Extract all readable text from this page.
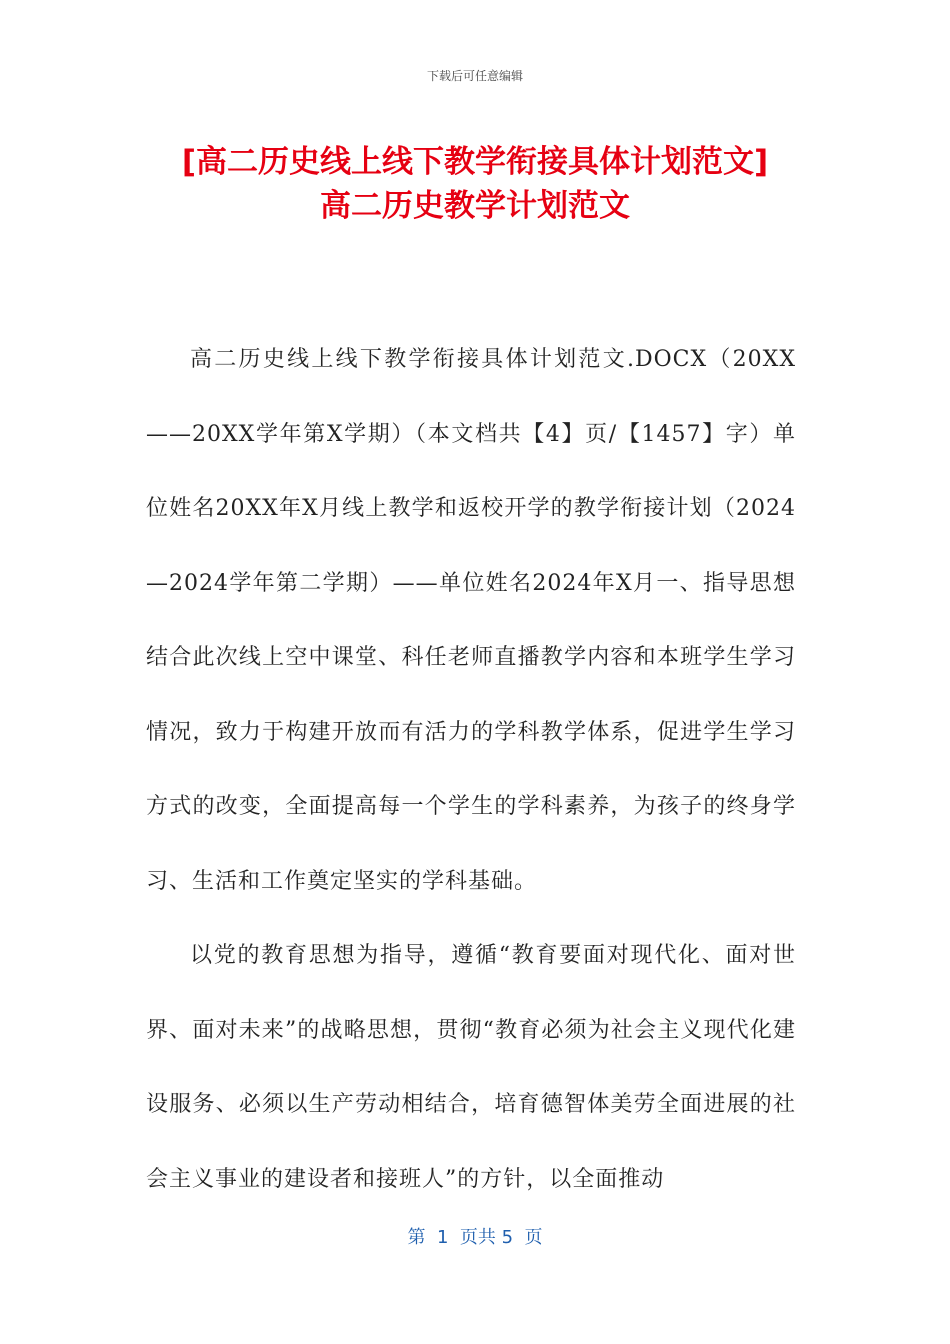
下载后可任意编辑
[高二历史线上线下教学衔接具体计划范文]
高二历史教学计划范文

高二历史线上线下教学衔接具体计划范文.DOCX（20XX——20XX学年第X学期）（本文档共【4】页/【1457】字）单位姓名20XX年X月线上教学和返校开学的教学衔接计划（2024—2024学年第二学期）——单位姓名2024年X月一、指导思想结合此次线上空中课堂、科任老师直播教学内容和本班学生学习情况，致力于构建开放而有活力的学科教学体系，促进学生学习方式的改变，全面提高每一个学生的学科素养，为孩子的终身学习、生活和工作奠定坚实的学科基础。

以党的教育思想为指导，遵循“教育要面对现代化、面对世界、面对未来”的战略思想，贯彻“教育必须为社会主义现代化建设服务、必须以生产劳动相结合，培育德智体美劳全面进展的社会主义事业的建设者和接班人”的方针，以全面推动

第  1  页共 5  页
